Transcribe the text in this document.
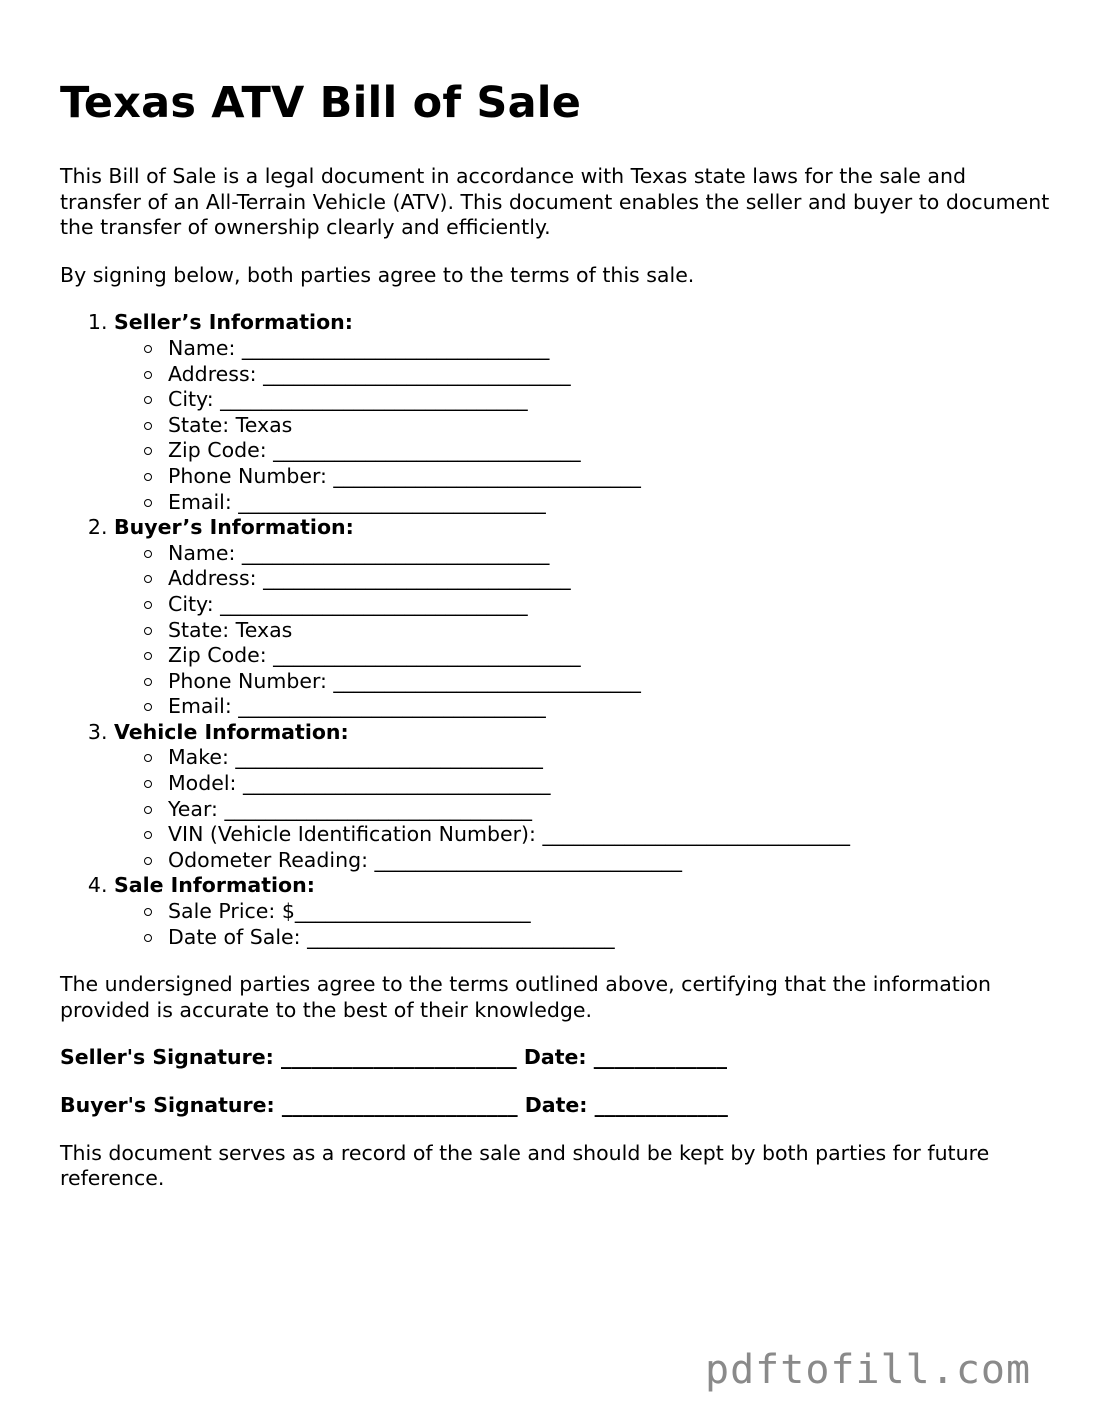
Texas ATV Bill of Sale

This Bill of Sale is a legal document in accordance with Texas state laws for the sale and transfer of an All-Terrain Vehicle (ATV). This document enables the seller and buyer to document the transfer of ownership clearly and efficiently.

By signing below, both parties agree to the terms of this sale.

1. Seller’s Information:
Name: ______________________________
Address: ______________________________
City: ______________________________
State: Texas
Zip Code: ______________________________
Phone Number: ______________________________
Email: ______________________________
2. Buyer’s Information:
Name: ______________________________
Address: ______________________________
City: ______________________________
State: Texas
Zip Code: ______________________________
Phone Number: ______________________________
Email: ______________________________
3. Vehicle Information:
Make: ______________________________
Model: ______________________________
Year: ______________________________
VIN (Vehicle Identification Number): ______________________________
Odometer Reading: ______________________________
4. Sale Information:
Sale Price: $_______________________
Date of Sale: ______________________________

The undersigned parties agree to the terms outlined above, certifying that the information provided is accurate to the best of their knowledge.

Seller's Signature: _______________________ Date: _____________

Buyer's Signature: _______________________ Date: _____________

This document serves as a record of the sale and should be kept by both parties for future reference.

pdftofill.com
